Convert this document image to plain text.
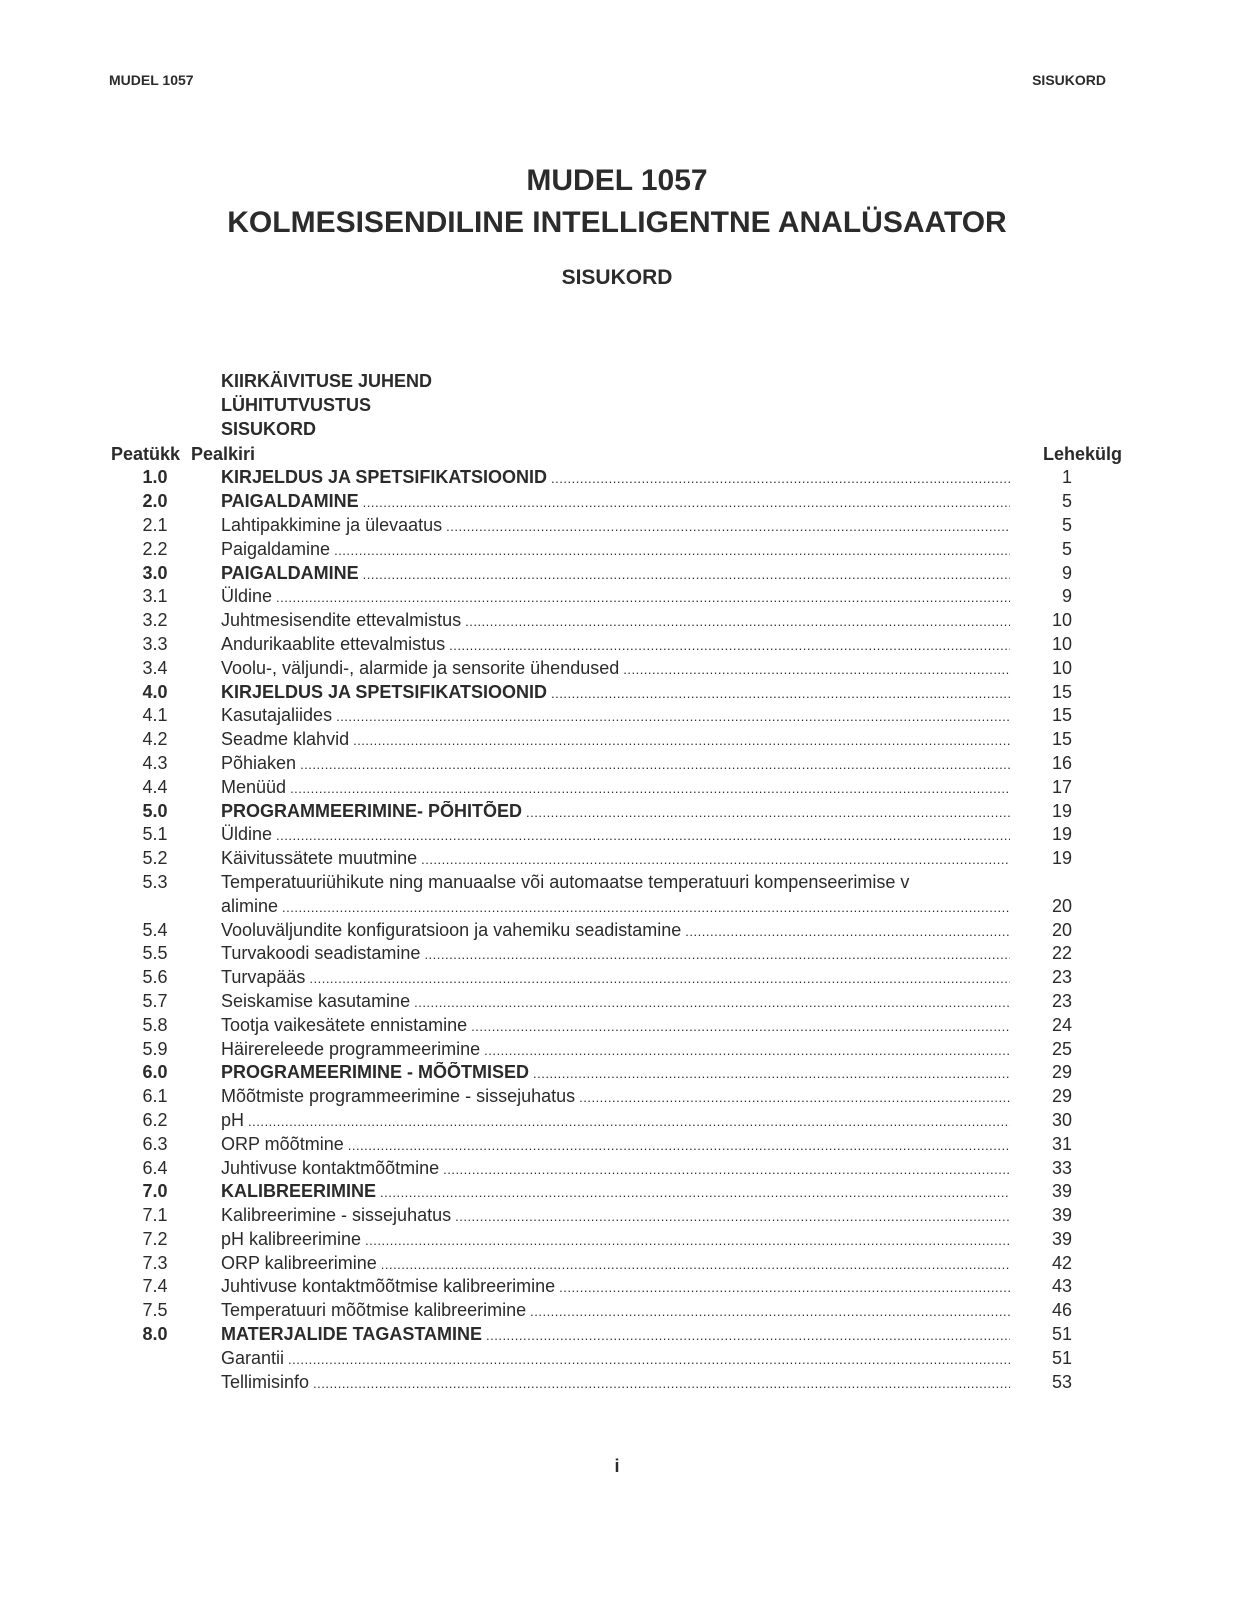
MUDEL 1057	SISUKORD
MUDEL 1057
KOLMESISENDILINE INTELLIGENTNE ANALÜSAATOR
SISUKORD
KIIRKÄIVITUSE JUHEND
LÜHITUTVUSTUS
SISUKORD
Peatükk Pealkiri	Lehekülg
1.0	KIRJELDUS JA SPETSIFIKATSIOONID .....	1
2.0	PAIGALDAMINE .....	5
2.1	Lahtipakkimine ja ülevaatus .....	5
2.2	Paigaldamine .....	5
3.0	PAIGALDAMINE .....	9
3.1	Üldine .....	9
3.2	Juhtmesisendite ettevalmistus .....	10
3.3	Andurikaablite ettevalmistus .....	10
3.4	Voolu-, väljundi-, alarmide ja sensorite ühendused .....	10
4.0	KIRJELDUS JA SPETSIFIKATSIOONID .....	15
4.1	Kasutajaliides .....	15
4.2	Seadme klahvid .....	15
4.3	Põhiaken .....	16
4.4	Menüüd .....	17
5.0	PROGRAMMEERIMINE- PÕHITÕED .....	19
5.1	Üldine .....	19
5.2	Käivitussätete muutmine .....	19
5.3	Temperatuuriühikute ning manuaalse või automaatse temperatuuri kompenseerimise v
alimine .....	20
5.4	Vooluväljundite konfiguratsioon ja vahemiku seadistamine .....	20
5.5	Turvakoodi seadistamine .....	22
5.6	Turvapääs .....	23
5.7	Seiskamise kasutamine .....	23
5.8	Tootja vaikesätete ennistamine .....	24
5.9	Häirereleede programmeerimine .....	25
6.0	PROGRAMEERIMINE - MÕÕTMISED .....	29
6.1	Mõõtmiste programmeerimine - sissejuhatus .....	29
6.2	pH .....	30
6.3	ORP mõõtmine .....	31
6.4	Juhtivuse kontaktmõõtmine .....	33
7.0	KALIBREERIMINE .....	39
7.1	Kalibreerimine - sissejuhatus .....	39
7.2	pH kalibreerimine .....	39
7.3	ORP kalibreerimine .....	42
7.4	Juhtivuse kontaktmõõtmise kalibreerimine .....	43
7.5	Temperatuuri mõõtmise kalibreerimine .....	46
8.0	MATERJALIDE TAGASTAMINE .....	51
Garantii .....	51
Tellimisinfo .....	53
i
